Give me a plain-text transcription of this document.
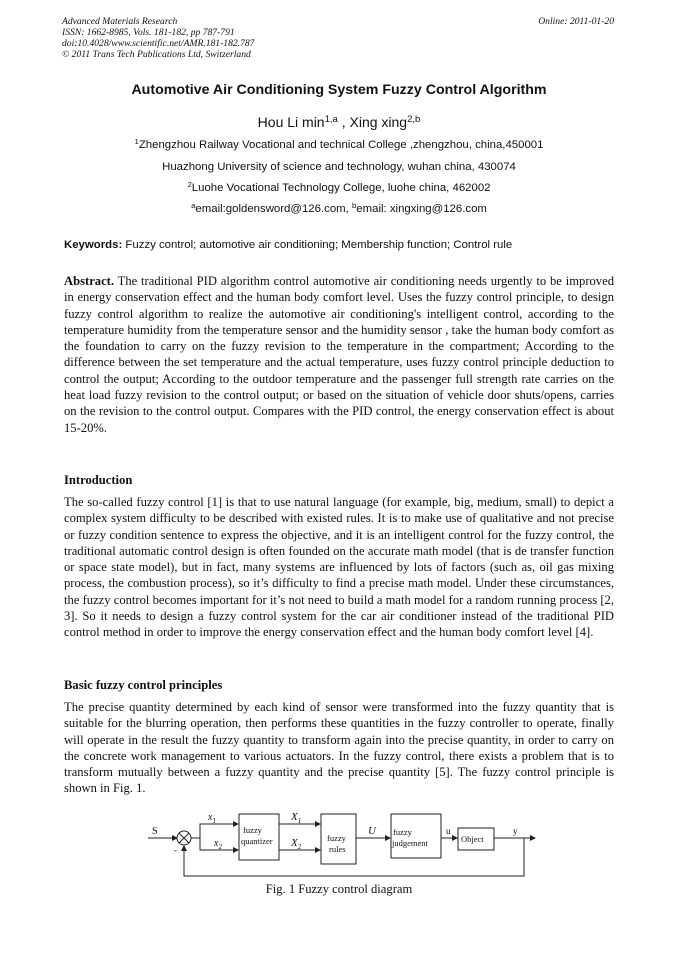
Advanced Materials Research
ISSN: 1662-8985, Vols. 181-182, pp 787-791
doi:10.4028/www.scientific.net/AMR.181-182.787
© 2011 Trans Tech Publications Ltd, Switzerland
Online: 2011-01-20
Automotive Air Conditioning System Fuzzy Control Algorithm
Hou Li $\min^{1,a}$ , Xing xing$^{2,b}$
$^1$Zhengzhou Railway Vocational and technical College ,zhengzhou, china,450001
Huazhong University of science and technology, wuhan china, 430074
$^2$Luohe Vocational Technology College, luohe china, 462002
$^a$email:goldensword@126.com, $^b$email: xingxing@126.com
Keywords: Fuzzy control; automotive air conditioning; Membership function; Control rule
Abstract. The traditional PID algorithm control automotive air conditioning needs urgently to be improved in energy conservation effect and the human body comfort level. Uses the fuzzy control principle, to design fuzzy control algorithm to realize the automotive air conditioning's intelligent control, according to the temperature humidity from the temperature sensor and the humidity sensor , take the human body comfort as the foundation to carry on the fuzzy revision to the temperature in the compartment; According to the difference between the set temperature and the actual temperature, uses fuzzy control principle deduction to control the output; According to the outdoor temperature and the passenger full strength rate carries on the heat load fuzzy revision to the control output; or based on the situation of vehicle door shuts/opens, carries on the revision to the control output. Compares with the PID control, the energy conservation effect is about 15-20%.
Introduction
The so-called fuzzy control [1] is that to use natural language (for example, big, medium, small) to depict a complex system difficulty to be described with existed rules. It is to make use of qualitative and not precise or fuzzy condition sentence to express the objective, and it is an intelligent control for the fuzzy control, the traditional automatic control design is often founded on the accurate math model (that is de transfer function or space state model), but in fact, many systems are influenced by lots of factors (such as, oil gas mixing process, the combustion process), so it’s difficulty to find a precise math model. Under these circumstances, the fuzzy control becomes important for it’s not need to build a math model for a random running process [2, 3]. So it needs to design a fuzzy control system for the car air conditioner instead of the traditional PID control method in order to improve the energy conservation effect and the human body comfort level [4].
Basic fuzzy control principles
The precise quantity determined by each kind of sensor were transformed into the fuzzy quantity that is suitable for the blurring operation, then performs these quantities in the fuzzy controller to operate, finally will operate in the result the fuzzy quantity to transform again into the precise quantity, in order to carry on the concrete work management to various actuators. In the fuzzy control, there exists a problem that is to transform mutually between a fuzzy quantity and the precise quantity [5]. The fuzzy control principle is shown in Fig. 1.
S
-
$x_1$
$x_2$
fuzzy
quantizer
$X_1$
$X_2$
fuzzy
rules
U fuzzy
judgement
u
Object
y
Fig. 1 Fuzzy control diagram
